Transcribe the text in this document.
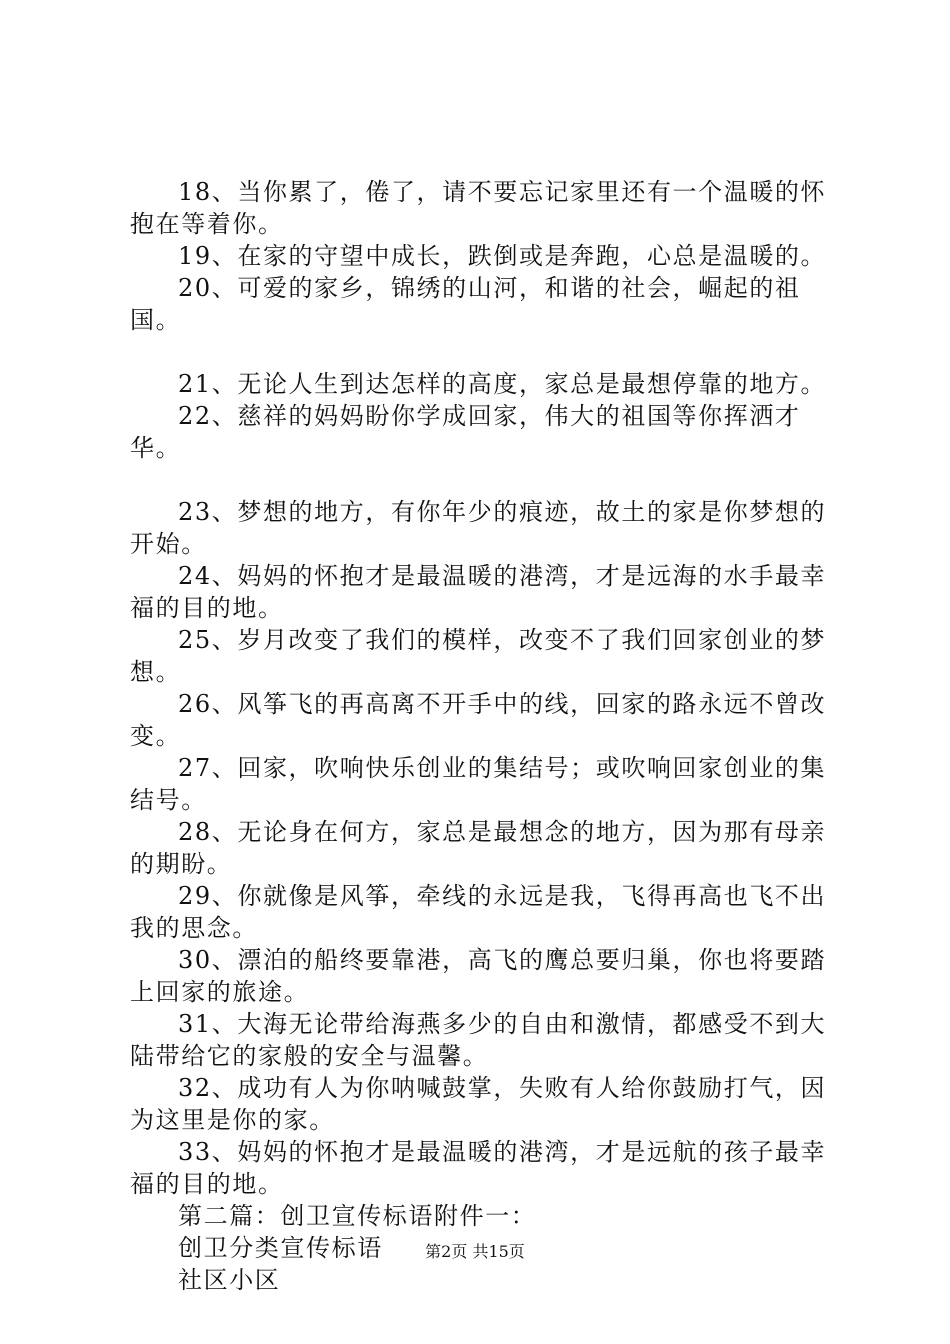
18、当你累了，倦了，请不要忘记家里还有一个温暖的怀抱在等着你。

19、在家的守望中成长，跌倒或是奔跑，心总是温暖的。

20、可爱的家乡，锦绣的山河，和谐的社会，崛起的祖国。

21、无论人生到达怎样的高度，家总是最想停靠的地方。

22、慈祥的妈妈盼你学成回家，伟大的祖国等你挥洒才华。

23、梦想的地方，有你年少的痕迹，故土的家是你梦想的开始。

24、妈妈的怀抱才是最温暖的港湾，才是远海的水手最幸福的目的地。

25、岁月改变了我们的模样，改变不了我们回家创业的梦想。

26、风筝飞的再高离不开手中的线，回家的路永远不曾改变。

27、回家，吹响快乐创业的集结号；或吹响回家创业的集结号。

28、无论身在何方，家总是最想念的地方，因为那有母亲的期盼。

29、你就像是风筝，牵线的永远是我，飞得再高也飞不出我的思念。

30、漂泊的船终要靠港，高飞的鹰总要归巢，你也将要踏上回家的旅途。

31、大海无论带给海燕多少的自由和激情，都感受不到大陆带给它的家般的安全与温馨。

32、成功有人为你呐喊鼓掌，失败有人给你鼓励打气，因为这里是你的家。

33、妈妈的怀抱才是最温暖的港湾，才是远航的孩子最幸福的目的地。

第二篇：创卫宣传标语附件一：

创卫分类宣传标语

社区小区

第2页 共15页
